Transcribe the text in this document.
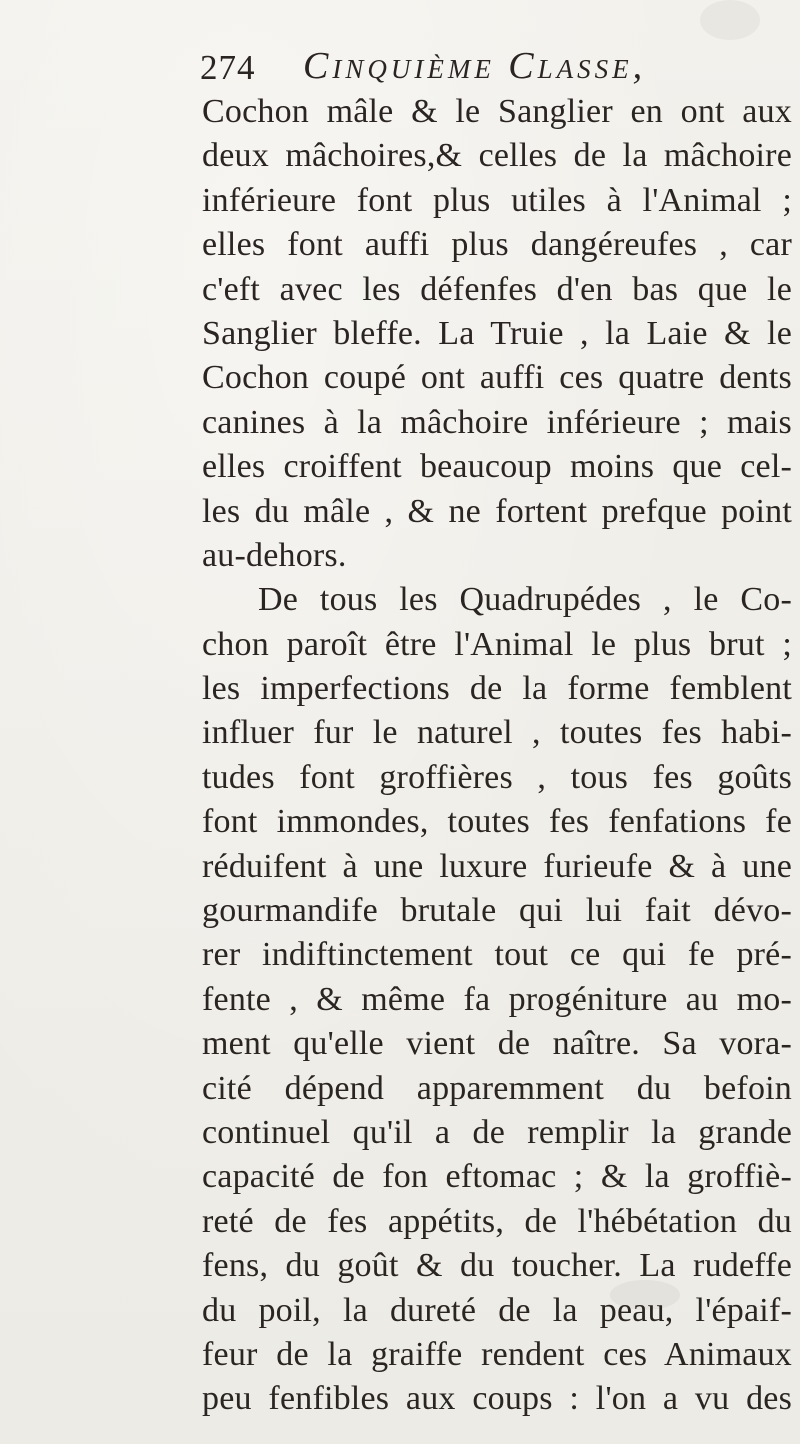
274 Cinquième Classe,
Cochon mâle & le Sanglier en ont aux
deux mâchoires,& celles de la mâchoire
inférieure font plus utiles à l'Animal ;
elles font auffi plus dangéreufes , car
c'eft avec les défenfes d'en bas que le
Sanglier bleffe. La Truie , la Laie & le
Cochon coupé ont auffi ces quatre dents
canines à la mâchoire inférieure ; mais
elles croiffent beaucoup moins que cel-
les du mâle , & ne fortent prefque point
au-dehors.
De tous les Quadrupédes , le Co-
chon paroît être l'Animal le plus brut ;
les imperfections de la forme femblent
influer fur le naturel , toutes fes habi-
tudes font groffières , tous fes goûts
font immondes, toutes fes fenfations fe
réduifent à une luxure furieufe & à une
gourmandife brutale qui lui fait dévo-
rer indiftinctement tout ce qui fe pré-
fente , & même fa progéniture au mo-
ment qu'elle vient de naître. Sa vora-
cité dépend apparemment du befoin
continuel qu'il a de remplir la grande
capacité de fon eftomac ; & la groffiè-
reté de fes appétits, de l'hébétation du
fens, du goût & du toucher. La rudeffe
du poil, la dureté de la peau, l'épaif-
feur de la graiffe rendent ces Animaux
peu fenfibles aux coups : l'on a vu des
